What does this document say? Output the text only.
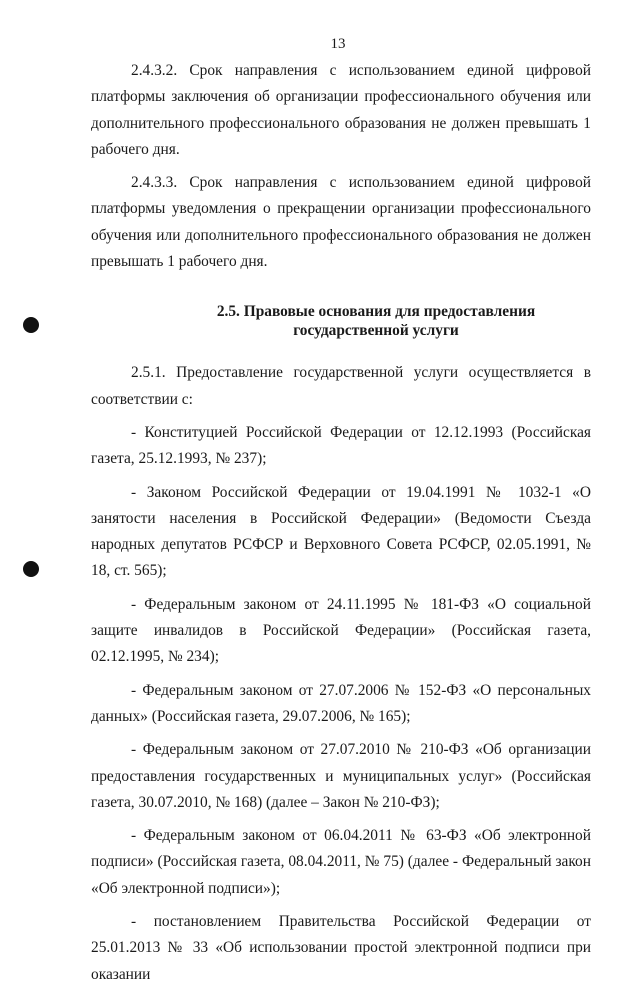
13

2.4.3.2. Срок направления с использованием единой цифровой платформы заключения об организации профессионального обучения или дополнительного профессионального образования не должен превышать 1 рабочего дня.

2.4.3.3. Срок направления с использованием единой цифровой платформы уведомления о прекращении организации профессионального обучения или дополнительного профессионального образования не должен превышать 1 рабочего дня.

2.5. Правовые основания для предоставления
государственной услуги

2.5.1. Предоставление государственной услуги осуществляется в соответствии с:

- Конституцией Российской Федерации от 12.12.1993 (Российская газета, 25.12.1993, № 237);

- Законом Российской Федерации от 19.04.1991 № 1032-1 «О занятости населения в Российской Федерации» (Ведомости Съезда народных депутатов РСФСР и Верховного Совета РСФСР, 02.05.1991, № 18, ст. 565);

- Федеральным законом от 24.11.1995 № 181-ФЗ «О социальной защите инвалидов в Российской Федерации» (Российская газета, 02.12.1995, № 234);

- Федеральным законом от 27.07.2006 № 152-ФЗ «О персональных данных» (Российская газета, 29.07.2006, № 165);

- Федеральным законом от 27.07.2010 № 210-ФЗ «Об организации предоставления государственных и муниципальных услуг» (Российская газета, 30.07.2010, № 168) (далее – Закон № 210-ФЗ);

- Федеральным законом от 06.04.2011 № 63-ФЗ «Об электронной подписи» (Российская газета, 08.04.2011, № 75) (далее - Федеральный закон «Об электронной подписи»);

- постановлением Правительства Российской Федерации от 25.01.2013 № 33 «Об использовании простой электронной подписи при оказании
